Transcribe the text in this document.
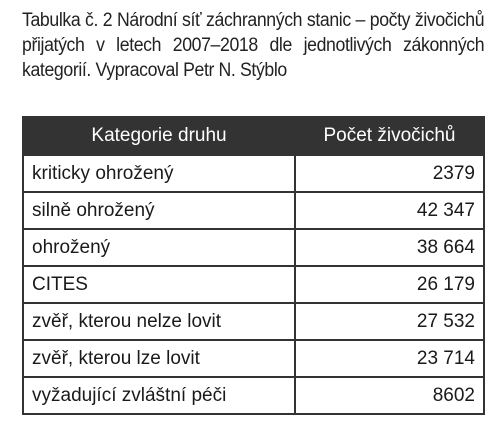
Tabulka č. 2 Národní síť záchranných stanic – počty živočichů přijatých v letech 2007–2018 dle jednotlivých zákonných kategorií. Vypracoval Petr N. Stýblo
Kategorie druhu	Počet živočichů
kriticky ohrožený	2379
silně ohrožený	42 347
ohrožený	38 664
CITES	26 179
zvěř, kterou nelze lovit	27 532
zvěř, kterou lze lovit	23 714
vyžadující zvláštní péči	8602
